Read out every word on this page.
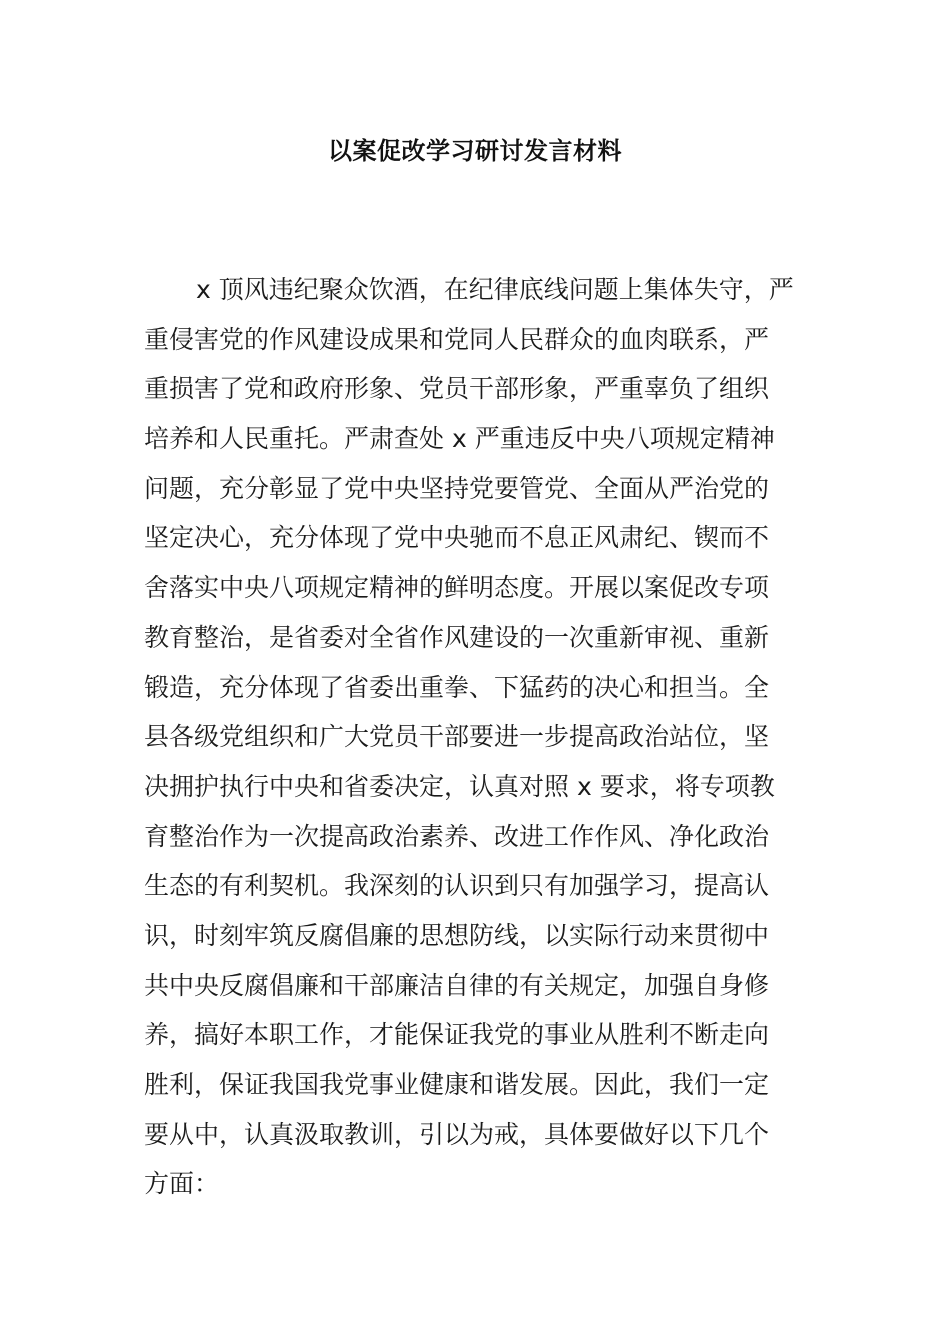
以案促改学习研讨发言材料
x 顶风违纪聚众饮酒，在纪律底线问题上集体失守，严
重侵害党的作风建设成果和党同人民群众的血肉联系，严
重损害了党和政府形象、党员干部形象，严重辜负了组织
培养和人民重托。严肃查处 x 严重违反中央八项规定精神
问题，充分彰显了党中央坚持党要管党、全面从严治党的
坚定决心，充分体现了党中央驰而不息正风肃纪、锲而不
舍落实中央八项规定精神的鲜明态度。开展以案促改专项
教育整治，是省委对全省作风建设的一次重新审视、重新
锻造，充分体现了省委出重拳、下猛药的决心和担当。全
县各级党组织和广大党员干部要进一步提高政治站位，坚
决拥护执行中央和省委决定，认真对照 x 要求，将专项教
育整治作为一次提高政治素养、改进工作作风、净化政治
生态的有利契机。我深刻的认识到只有加强学习，提高认
识，时刻牢筑反腐倡廉的思想防线，以实际行动来贯彻中
共中央反腐倡廉和干部廉洁自律的有关规定，加强自身修
养，搞好本职工作，才能保证我党的事业从胜利不断走向
胜利，保证我国我党事业健康和谐发展。因此，我们一定
要从中，认真汲取教训，引以为戒，具体要做好以下几个
方面：
